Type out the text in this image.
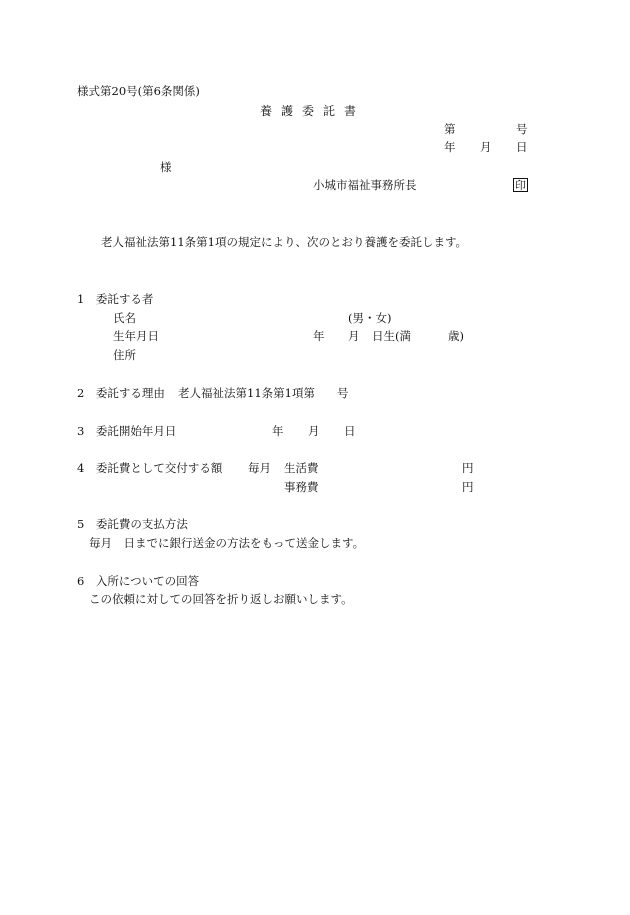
様式第20号(第6条関係)
養護委託書
第	号
年 月 日
様
小城市福祉事務所長	印
老人福祉法第11条第1項の規定により、次のとおり養護を委託します。
1　委託する者
氏名	(男・女)
生年月日	年 月 日生(満	歳)
住所
2　委託する理由 老人福祉法第11条第1項第 号
3　委託開始年月日	年 月 日
4　委託費として交付する額 毎月 生活費	円
事務費	円
5　委託費の支払方法
毎月　日までに銀行送金の方法をもって送金します。
6　入所についての回答
この依頼に対しての回答を折り返しお願いします。
